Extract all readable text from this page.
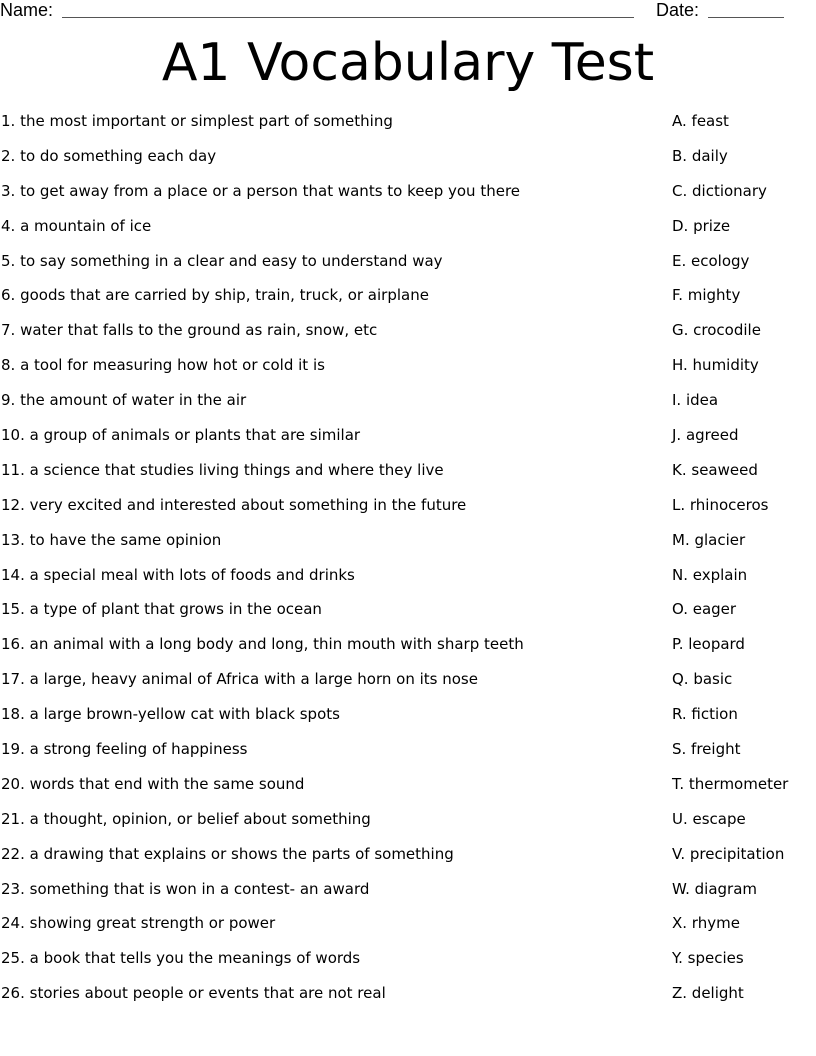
Name:	Date:
A1 Vocabulary Test
1. the most important or simplest part of something	A. feast
2. to do something each day	B. daily
3. to get away from a place or a person that wants to keep you there	C. dictionary
4. a mountain of ice	D. prize
5. to say something in a clear and easy to understand way	E. ecology
6. goods that are carried by ship, train, truck, or airplane	F. mighty
7. water that falls to the ground as rain, snow, etc	G. crocodile
8. a tool for measuring how hot or cold it is	H. humidity
9. the amount of water in the air	I. idea
10. a group of animals or plants that are similar	J. agreed
11. a science that studies living things and where they live	K. seaweed
12. very excited and interested about something in the future	L. rhinoceros
13. to have the same opinion	M. glacier
14. a special meal with lots of foods and drinks	N. explain
15. a type of plant that grows in the ocean	O. eager
16. an animal with a long body and long, thin mouth with sharp teeth	P. leopard
17. a large, heavy animal of Africa with a large horn on its nose	Q. basic
18. a large brown-yellow cat with black spots	R. fiction
19. a strong feeling of happiness	S. freight
20. words that end with the same sound	T. thermometer
21. a thought, opinion, or belief about something	U. escape
22. a drawing that explains or shows the parts of something	V. precipitation
23. something that is won in a contest- an award	W. diagram
24. showing great strength or power	X. rhyme
25. a book that tells you the meanings of words	Y. species
26. stories about people or events that are not real	Z. delight
